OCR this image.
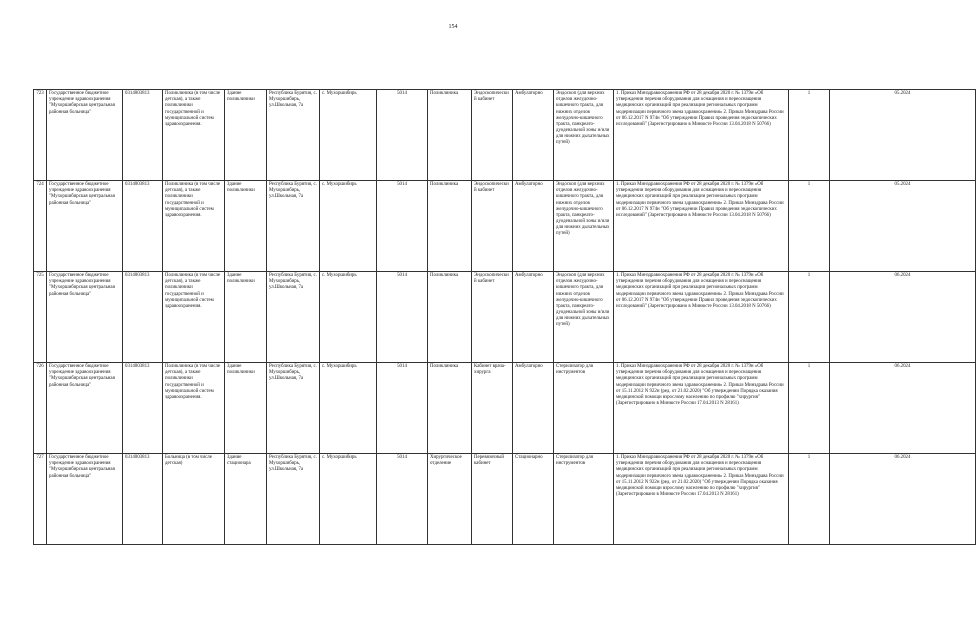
154
723	Государственное бюджетное учреждение здравоохранения "Мухоршибирская центральная районная больница"	0314003813	Поликлиника (в том числе детская), а также поликлиники государственной и муниципальной систем здравоохранения.	Здание поликлиники	Республика Бурятия, с. Мухоршибирь, ул.Школьная, 7а	с. Мухоршибирь	5014	Поликлиника	Эндоскопический кабинет	Амбулаторно	Эндоскоп (для верхних отделов желудочно-кишечного тракта, для нижних отделов желудочно-кишечного тракта, панкреато-дуоденальной зоны и/или для нижних дыхательных путей)	1. Приказ Минздравоохранения РФ от 28 декабря 2020 г. № 1379н «Об утверждении перечня оборудования для оснащения и переоснащения медицинских организаций при реализации региональных программ модернизации первичного звена здравоохранения» 2. Приказ Минздрава России от 06.12.2017 N 974н "Об утверждении Правил проведения эндоскопических исследований" (Зарегистрировано в Минюсте России 13.04.2018 N 50766)	1	05.2024
724	Государственное бюджетное учреждение здравоохранения "Мухоршибирская центральная районная больница"	0314003813	Поликлиника (в том числе детская), а также поликлиники государственной и муниципальной систем здравоохранения.	Здание поликлиники	Республика Бурятия, с. Мухоршибирь, ул.Школьная, 7а	с. Мухоршибирь	5014	Поликлиника	Эндоскопический кабинет	Амбулаторно	Эндоскоп (для верхних отделов желудочно-кишечного тракта, для нижних отделов желудочно-кишечного тракта, панкреато-дуоденальной зоны и/или для нижних дыхательных путей)	1. Приказ Минздравоохранения РФ от 28 декабря 2020 г. № 1379н «Об утверждении перечня оборудования для оснащения и переоснащения медицинских организаций при реализации региональных программ модернизации первичного звена здравоохранения» 2. Приказ Минздрава России от 06.12.2017 N 974н "Об утверждении Правил проведения эндоскопических исследований" (Зарегистрировано в Минюсте России 13.04.2018 N 50766)	1	05.2024
725	Государственное бюджетное учреждение здравоохранения "Мухоршибирская центральная районная больница"	0314003813	Поликлиника (в том числе детская), а также поликлиники государственной и муниципальной систем здравоохранения.	Здание поликлиники	Республика Бурятия, с. Мухоршибирь, ул.Школьная, 7а	с. Мухоршибирь	5014	Поликлиника	Эндоскопический кабинет	Амбулаторно	Эндоскоп (для верхних отделов желудочно-кишечного тракта, для нижних отделов желудочно-кишечного тракта, панкреато-дуоденальной зоны и/или для нижних дыхательных путей)	1. Приказ Минздравоохранения РФ от 28 декабря 2020 г. № 1379н «Об утверждении перечня оборудования для оснащения и переоснащения медицинских организаций при реализации региональных программ модернизации первичного звена здравоохранения» 2. Приказ Минздрава России от 06.12.2017 N 974н "Об утверждении Правил проведения эндоскопических исследований" (Зарегистрировано в Минюсте России 13.04.2018 N 50766)	1	06.2024
726	Государственное бюджетное учреждение здравоохранения "Мухоршибирская центральная районная больница"	0314003813	Поликлиника (в том числе детская), а также поликлиники государственной и муниципальной систем здравоохранения.	Здание поликлиники	Республика Бурятия, с. Мухоршибирь, ул.Школьная, 7а	с. Мухоршибирь	5014	Поликлиника	Кабинет врача-хирурга	Амбулаторно	Стерилизатор для инструментов	1. Приказ Минздравоохранения РФ от 28 декабря 2020 г. № 1379н «Об утверждении перечня оборудования для оснащения и переоснащения медицинских организаций при реализации региональных программ модернизации первичного звена здравоохранения» 2. Приказ Минздрава России от 15.11.2012 N 922н (ред. от 21.02.2020) "Об утверждении Порядка оказания медицинской помощи взрослому населению по профилю "хирургия" (Зарегистрировано в Минюсте России 17.04.2013 N 28161)	1	06.2024
727	Государственное бюджетное учреждение здравоохранения "Мухоршибирская центральная районная больница"	0314003813	Больница (в том числе детская)	Здание стационара	Республика Бурятия, с. Мухоршибирь, ул.Школьная, 7а	с. Мухоршибирь	5014	Хирургическое отделение	Перевязочный кабинет	Стационарно	Стерилизатор для инструментов	1. Приказ Минздравоохранения РФ от 28 декабря 2020 г. № 1379н «Об утверждении перечня оборудования для оснащения и переоснащения медицинских организаций при реализации региональных программ модернизации первичного звена здравоохранения» 2. Приказ Минздрава России от 15.11.2012 N 922н (ред. от 21.02.2020) "Об утверждении Порядка оказания медицинской помощи взрослому населению по профилю "хирургия" (Зарегистрировано в Минюсте России 17.04.2013 N 28161)	1	06.2024
